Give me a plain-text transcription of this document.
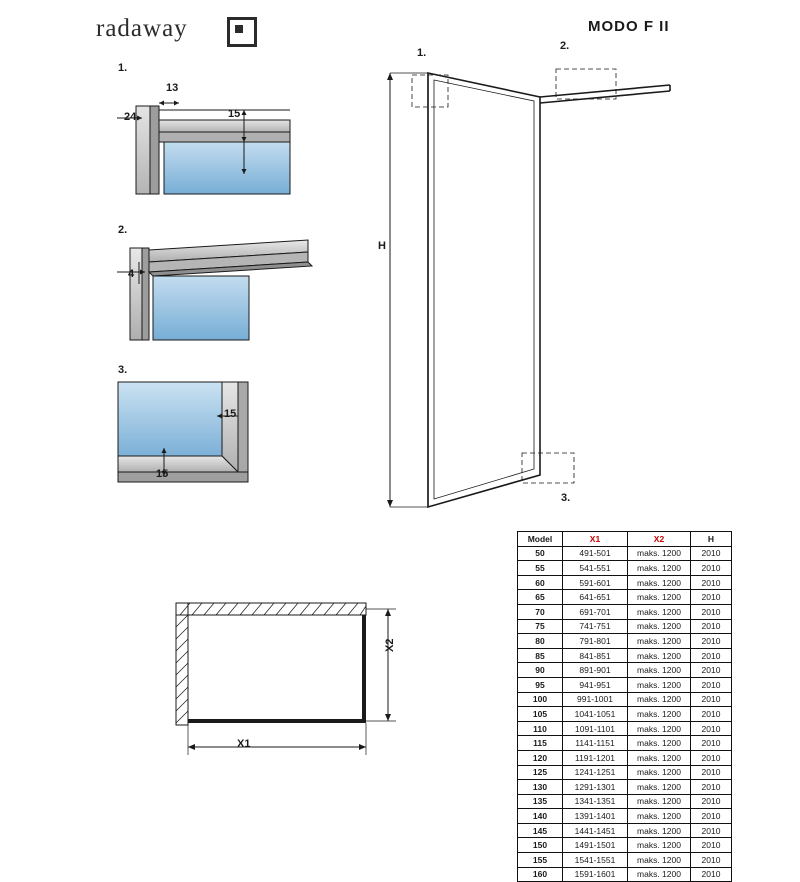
radaway	MODO F II
1.
13
24	15
2.
4
3.
15
15
1.
2.
3.
H
X1
X2
Model	X1	X2	H
50	491-501	maks. 1200	2010
55	541-551	maks. 1200	2010
60	591-601	maks. 1200	2010
65	641-651	maks. 1200	2010
70	691-701	maks. 1200	2010
75	741-751	maks. 1200	2010
80	791-801	maks. 1200	2010
85	841-851	maks. 1200	2010
90	891-901	maks. 1200	2010
95	941-951	maks. 1200	2010
100	991-1001	maks. 1200	2010
105	1041-1051	maks. 1200	2010
110	1091-1101	maks. 1200	2010
115	1141-1151	maks. 1200	2010
120	1191-1201	maks. 1200	2010
125	1241-1251	maks. 1200	2010
130	1291-1301	maks. 1200	2010
135	1341-1351	maks. 1200	2010
140	1391-1401	maks. 1200	2010
145	1441-1451	maks. 1200	2010
150	1491-1501	maks. 1200	2010
155	1541-1551	maks. 1200	2010
160	1591-1601	maks. 1200	2010
